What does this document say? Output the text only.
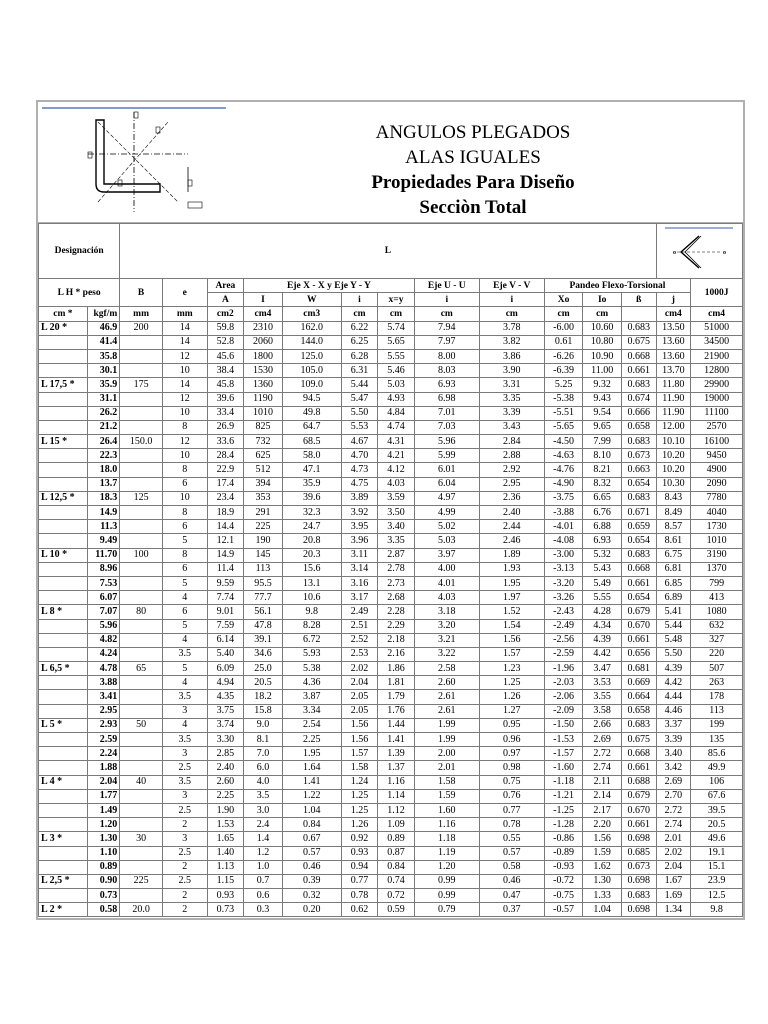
ANGULOS PLEGADOS
ALAS IGUALES
Propiedades Para Diseño
Secciòn Total
Designación		L												o
o	

L H * peso		B	e	Area	Eje X - X y Eje Y - Y				Eje U - U	Eje V - V	Pandeo Flexo-Torsional				1000J
				A	I	W	i	x=y	i	i	Xo	Io	ß	j	
cm *	kgf/m	mm	mm	cm2	cm4	cm3	cm	cm	cm	cm	cm	cm		cm4	cm4
L 20 *	46.9	200	14	59.8	2310	162.0	6.22	5.74	7.94	3.78	-6.00	10.60	0.683	13.50	51000
	41.4		14	52.8	2060	144.0	6.25	5.65	7.97	3.82	0.61	10.80	0.675	13.60	34500
	35.8		12	45.6	1800	125.0	6.28	5.55	8.00	3.86	-6.26	10.90	0.668	13.60	21900
	30.1		10	38.4	1530	105.0	6.31	5.46	8.03	3.90	-6.39	11.00	0.661	13.70	12800
L 17,5 *	35.9	175	14	45.8	1360	109.0	5.44	5.03	6.93	3.31	5.25	9.32	0.683	11.80	29900
	31.1		12	39.6	1190	94.5	5.47	4.93	6.98	3.35	-5.38	9.43	0.674	11.90	19000
	26.2		10	33.4	1010	49.8	5.50	4.84	7.01	3.39	-5.51	9.54	0.666	11.90	11100
	21.2		8	26.9	825	64.7	5.53	4.74	7.03	3.43	-5.65	9.65	0.658	12.00	2570
L 15 *	26.4	150.0	12	33.6	732	68.5	4.67	4.31	5.96	2.84	-4.50	7.99	0.683	10.10	16100
	22.3		10	28.4	625	58.0	4.70	4.21	5.99	2.88	-4.63	8.10	0.673	10.20	9450
	18.0		8	22.9	512	47.1	4.73	4.12	6.01	2.92	-4.76	8.21	0.663	10.20	4900
	13.7		6	17.4	394	35.9	4.75	4.03	6.04	2.95	-4.90	8.32	0.654	10.30	2090
L 12,5 *	18.3	125	10	23.4	353	39.6	3.89	3.59	4.97	2.36	-3.75	6.65	0.683	8.43	7780
	14.9		8	18.9	291	32.3	3.92	3.50	4.99	2.40	-3.88	6.76	0.671	8.49	4040
	11.3		6	14.4	225	24.7	3.95	3.40	5.02	2.44	-4.01	6.88	0.659	8.57	1730
	9.49		5	12.1	190	20.8	3.96	3.35	5.03	2.46	-4.08	6.93	0.654	8.61	1010
L 10 *	11.70	100	8	14.9	145	20.3	3.11	2.87	3.97	1.89	-3.00	5.32	0.683	6.75	3190
	8.96		6	11.4	113	15.6	3.14	2.78	4.00	1.93	-3.13	5.43	0.668	6.81	1370
	7.53		5	9.59	95.5	13.1	3.16	2.73	4.01	1.95	-3.20	5.49	0.661	6.85	799
	6.07		4	7.74	77.7	10.6	3.17	2.68	4.03	1.97	-3.26	5.55	0.654	6.89	413
L 8 *	7.07	80	6	9.01	56.1	9.8	2.49	2.28	3.18	1.52	-2.43	4.28	0.679	5.41	1080
	5.96		5	7.59	47.8	8.28	2.51	2.29	3.20	1.54	-2.49	4.34	0.670	5.44	632
	4.82		4	6.14	39.1	6.72	2.52	2.18	3.21	1.56	-2.56	4.39	0.661	5.48	327
	4.24		3.5	5.40	34.6	5.93	2.53	2.16	3.22	1.57	-2.59	4.42	0.656	5.50	220
L 6,5 *	4.78	65	5	6.09	25.0	5.38	2.02	1.86	2.58	1.23	-1.96	3.47	0.681	4.39	507
	3.88		4	4.94	20.5	4.36	2.04	1.81	2.60	1.25	-2.03	3.53	0.669	4.42	263
	3.41		3.5	4.35	18.2	3.87	2.05	1.79	2.61	1.26	-2.06	3.55	0.664	4.44	178
	2.95		3	3.75	15.8	3.34	2.05	1.76	2.61	1.27	-2.09	3.58	0.658	4.46	113
L 5 *	2.93	50	4	3.74	9.0	2.54	1.56	1.44	1.99	0.95	-1.50	2.66	0.683	3.37	199
	2.59		3.5	3.30	8.1	2.25	1.56	1.41	1.99	0.96	-1.53	2.69	0.675	3.39	135
	2.24		3	2.85	7.0	1.95	1.57	1.39	2.00	0.97	-1.57	2.72	0.668	3.40	85.6
	1.88		2.5	2.40	6.0	1.64	1.58	1.37	2.01	0.98	-1.60	2.74	0.661	3.42	49.9
L 4 *	2.04	40	3.5	2.60	4.0	1.41	1.24	1.16	1.58	0.75	-1.18	2.11	0.688	2.69	106
	1.77		3	2.25	3.5	1.22	1.25	1.14	1.59	0.76	-1.21	2.14	0.679	2.70	67.6
	1.49		2.5	1.90	3.0	1.04	1.25	1.12	1.60	0.77	-1.25	2.17	0.670	2.72	39.5
	1.20		2	1.53	2.4	0.84	1.26	1.09	1.16	0.78	-1.28	2.20	0.661	2.74	20.5
L 3 *	1.30	30	3	1.65	1.4	0.67	0.92	0.89	1.18	0.55	-0.86	1.56	0.698	2.01	49.6
	1.10		2.5	1.40	1.2	0.57	0.93	0.87	1.19	0.57	-0.89	1.59	0.685	2.02	19.1
	0.89		2	1.13	1.0	0.46	0.94	0.84	1.20	0.58	-0.93	1.62	0.673	2.04	15.1
L 2,5 *	0.90	225	2.5	1.15	0.7	0.39	0.77	0.74	0.99	0.46	-0.72	1.30	0.698	1.67	23.9
	0.73		2	0.93	0.6	0.32	0.78	0.72	0.99	0.47	-0.75	1.33	0.683	1.69	12.5
L 2 *	0.58	20.0	2	0.73	0.3	0.20	0.62	0.59	0.79	0.37	-0.57	1.04	0.698	1.34	9.8
